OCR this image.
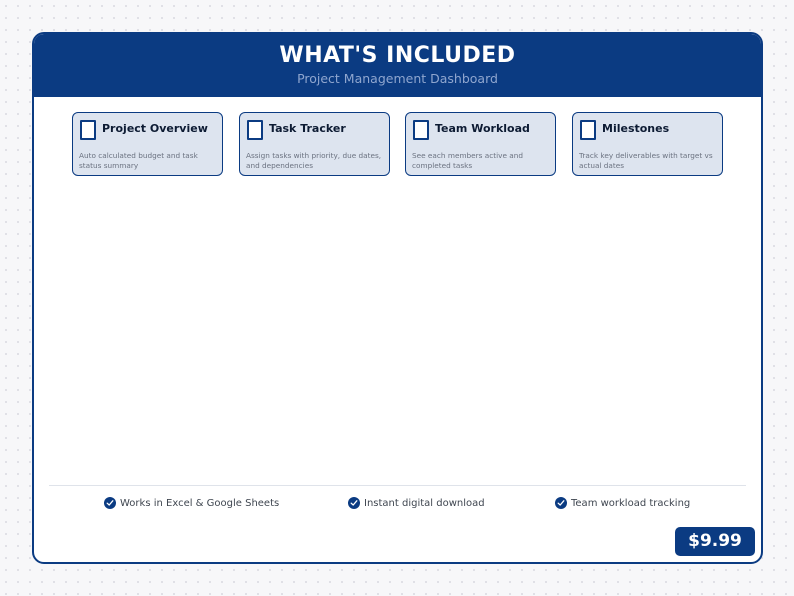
WHAT'S INCLUDED
Project Management Dashboard
Project Overview
Auto calculated budget and task status summary
Task Tracker
Assign tasks with priority, due dates, and dependencies
Team Workload
See each members active and completed tasks
Milestones
Track key deliverables with target vs actual dates
Works in Excel & Google Sheets	Instant digital download	Team workload tracking
$9.99
